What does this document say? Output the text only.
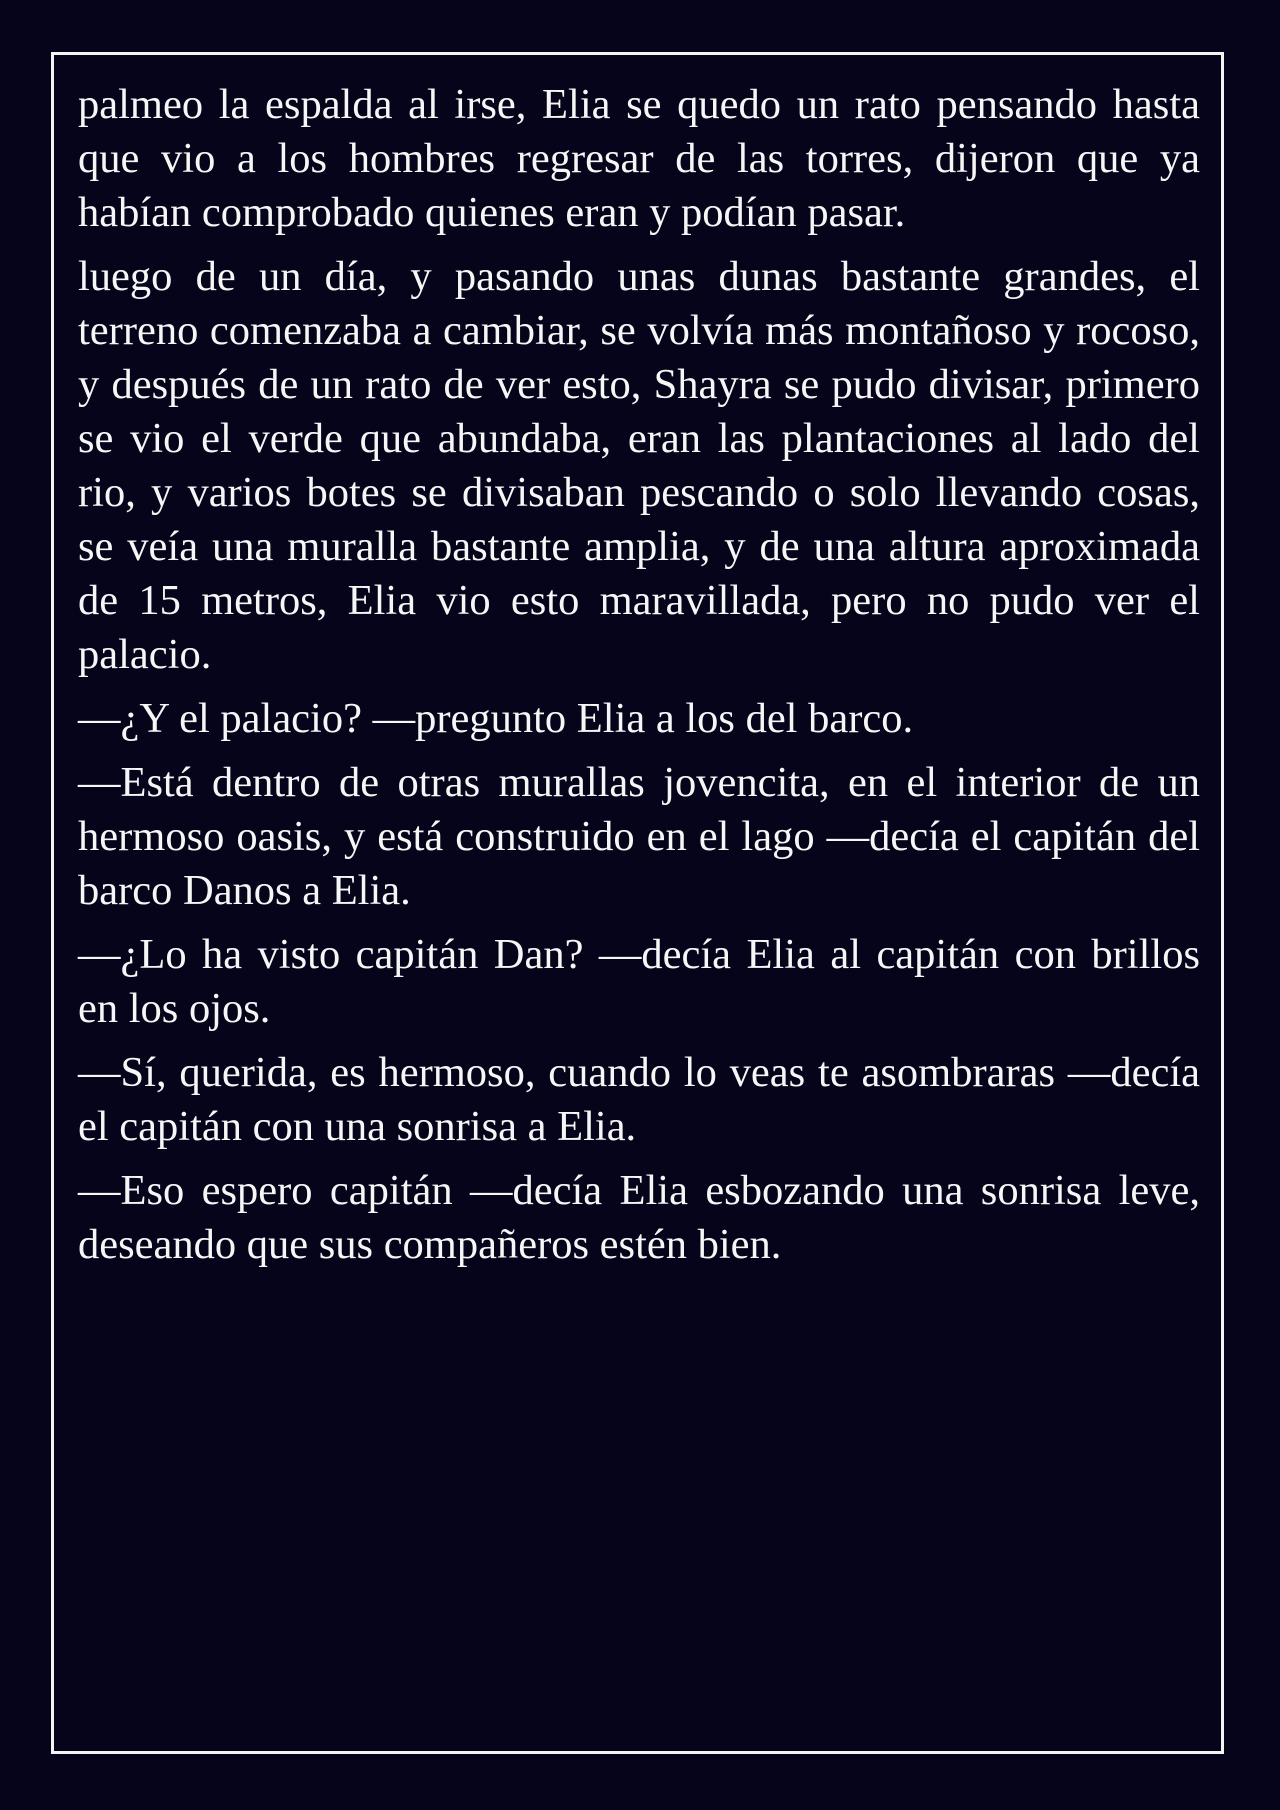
palmeo la espalda al irse, Elia se quedo un rato pensando hasta que vio a los hombres regresar de las torres, dijeron que ya habían comprobado quienes eran y podían pasar.

luego de un día, y pasando unas dunas bastante grandes, el terreno comenzaba a cambiar, se volvía más montañoso y rocoso, y después de un rato de ver esto, Shayra se pudo divisar, primero se vio el verde que abundaba, eran las plantaciones al lado del rio, y varios botes se divisaban pescando o solo llevando cosas, se veía una muralla bastante amplia, y de una altura aproximada de 15 metros, Elia vio esto maravillada, pero no pudo ver el palacio.

—¿Y el palacio? —pregunto Elia a los del barco.

—Está dentro de otras murallas jovencita, en el interior de un hermoso oasis, y está construido en el lago —decía el capitán del barco Danos a Elia.

—¿Lo ha visto capitán Dan? —decía Elia al capitán con brillos en los ojos.

—Sí, querida, es hermoso, cuando lo veas te asombraras —decía el capitán con una sonrisa a Elia.

—Eso espero capitán —decía Elia esbozando una sonrisa leve, deseando que sus compañeros estén bien.
